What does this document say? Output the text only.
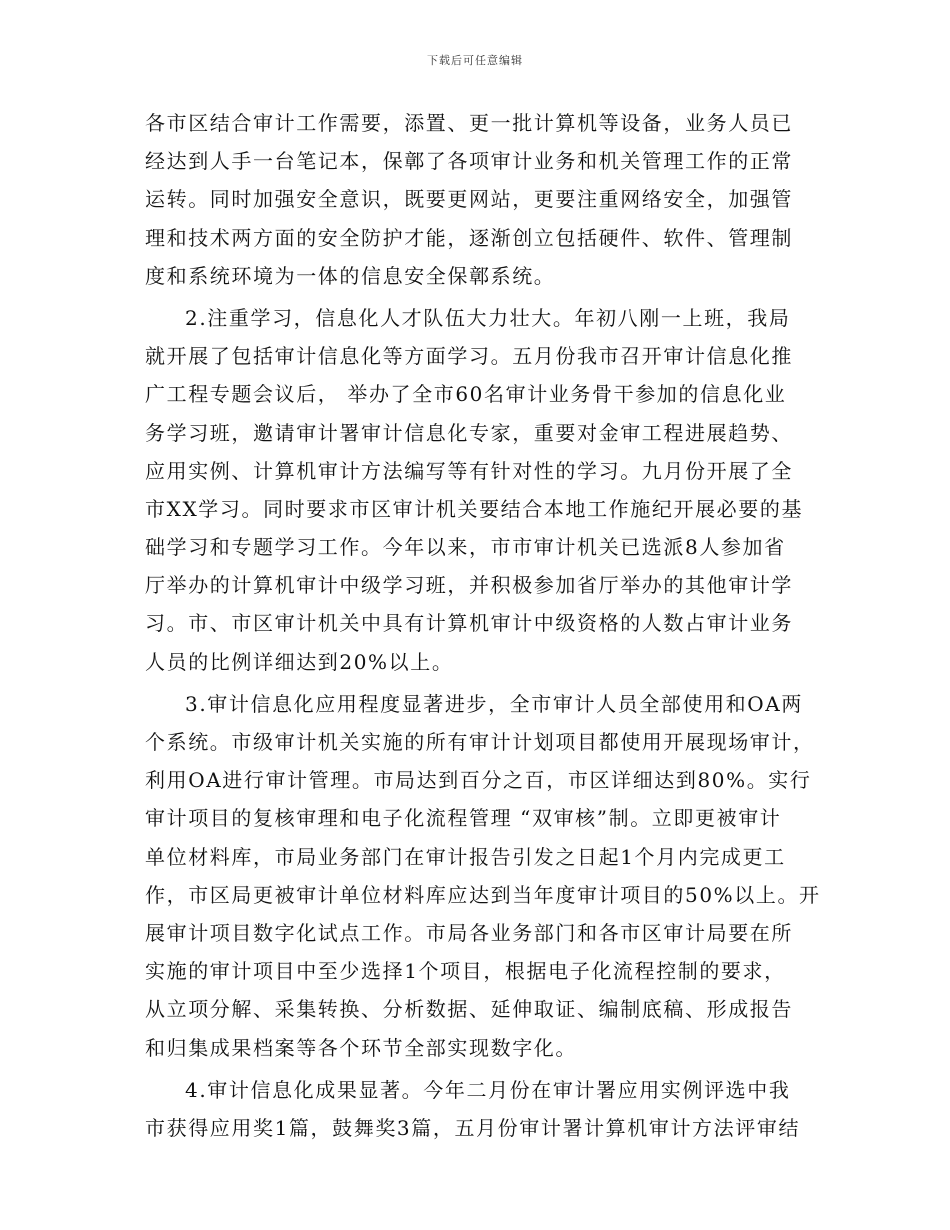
下载后可任意编辑
各市区结合审计工作需要，添置、更一批计算机等设备，业务人员已
经达到人手一台笔记本，保鄣了各项审计业务和机关管理工作的正常
运转。同时加强安全意识，既要更网站，更要注重网络安全，加强管
理和技术两方面的安全防护才能，逐渐创立包括硬件、软件、管理制
度和系统环境为一体的信息安全保鄣系统。
2.注重学习，信息化人才队伍大力壮大。年初八刚一上班，我局
就开展了包括审计信息化等方面学习。五月份我市召开审计信息化推
广工程专题会议后， 举办了全市60名审计业务骨干参加的信息化业
务学习班，邀请审计署审计信息化专家，重要对金审工程进展趋势、
应用实例、计算机审计方法编写等有针对性的学习。九月份开展了全
市XX学习。同时要求市区审计机关要结合本地工作施纪开展必要的基
础学习和专题学习工作。今年以来，市市审计机关已选派8人参加省
厅举办的计算机审计中级学习班，并积极参加省厅举办的其他审计学
习。市、市区审计机关中具有计算机审计中级资格的人数占审计业务
人员的比例详细达到20%以上。
3.审计信息化应用程度显著进步，全市审计人员全部使用和OA两
个系统。市级审计机关实施的所有审计计划项目都使用开展现场审计，
利用OA进行审计管理。市局达到百分之百，市区详细达到80%。实行
审计项目的复核审理和电子化流程管理 “双审核”制。立即更被审计
单位材料库，市局业务部门在审计报告引发之日起1个月内完成更工
作，市区局更被审计单位材料库应达到当年度审计项目的50%以上。开
展审计项目数字化试点工作。市局各业务部门和各市区审计局要在所
实施的审计项目中至少选择1个项目，根据电子化流程控制的要求，
从立项分解、采集转换、分析数据、延伸取证、编制底稿、形成报告
和归集成果档案等各个环节全部实现数字化。
4.审计信息化成果显著。今年二月份在审计署应用实例评选中我
市获得应用奖1篇，鼓舞奖3篇，五月份审计署计算机审计方法评审结
